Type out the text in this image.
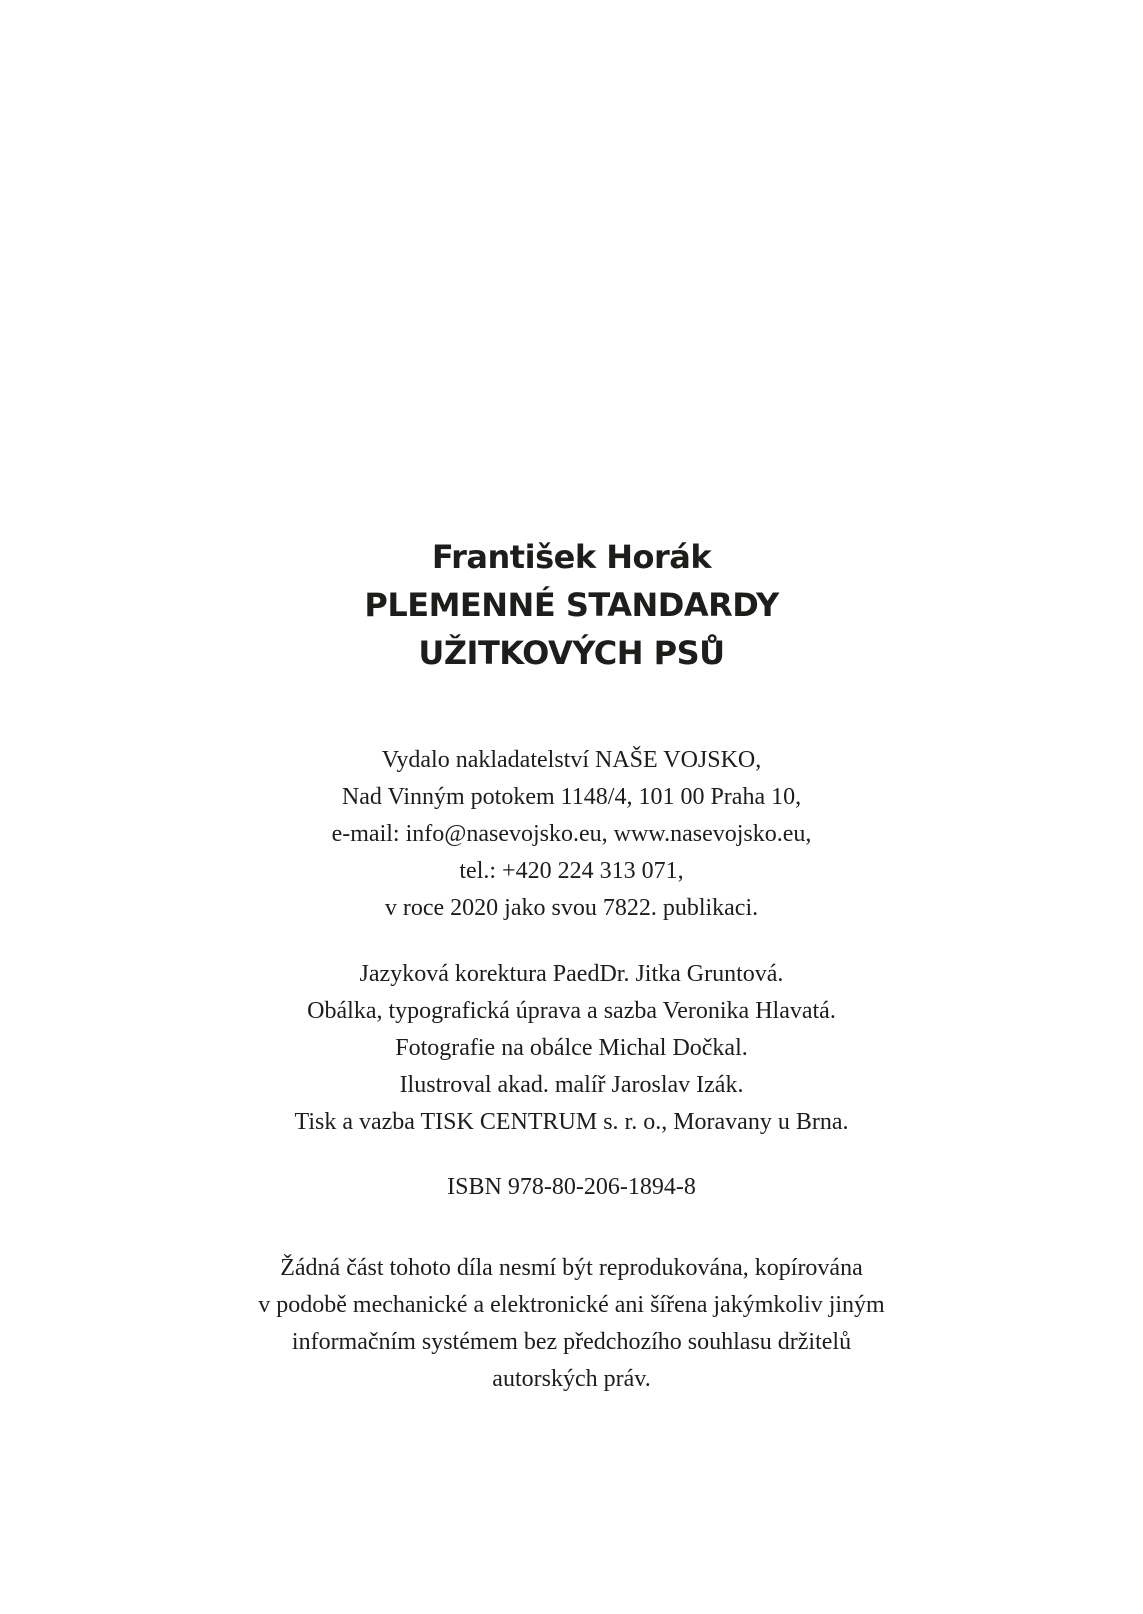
František Horák
PLEMENNÉ STANDARDY
UŽITKOVÝCH PSŮ
Vydalo nakladatelství NAŠE VOJSKO,
Nad Vinným potokem 1148/4, 101 00 Praha 10,
e-mail: info@nasevojsko.eu, www.nasevojsko.eu,
tel.: +420 224 313 071,
v roce 2020 jako svou 7822. publikaci.
Jazyková korektura PaedDr. Jitka Gruntová.
Obálka, typografická úprava a sazba Veronika Hlavatá.
Fotografie na obálce Michal Dočkal.
Ilustroval akad. malíř Jaroslav Izák.
Tisk a vazba TISK CENTRUM s. r. o., Moravany u Brna.
ISBN 978-80-206-1894-8
Žádná část tohoto díla nesmí být reprodukována, kopírována
v podobě mechanické a elektronické ani šířena jakýmkoliv jiným
informačním systémem bez předchozího souhlasu držitelů
autorských práv.
